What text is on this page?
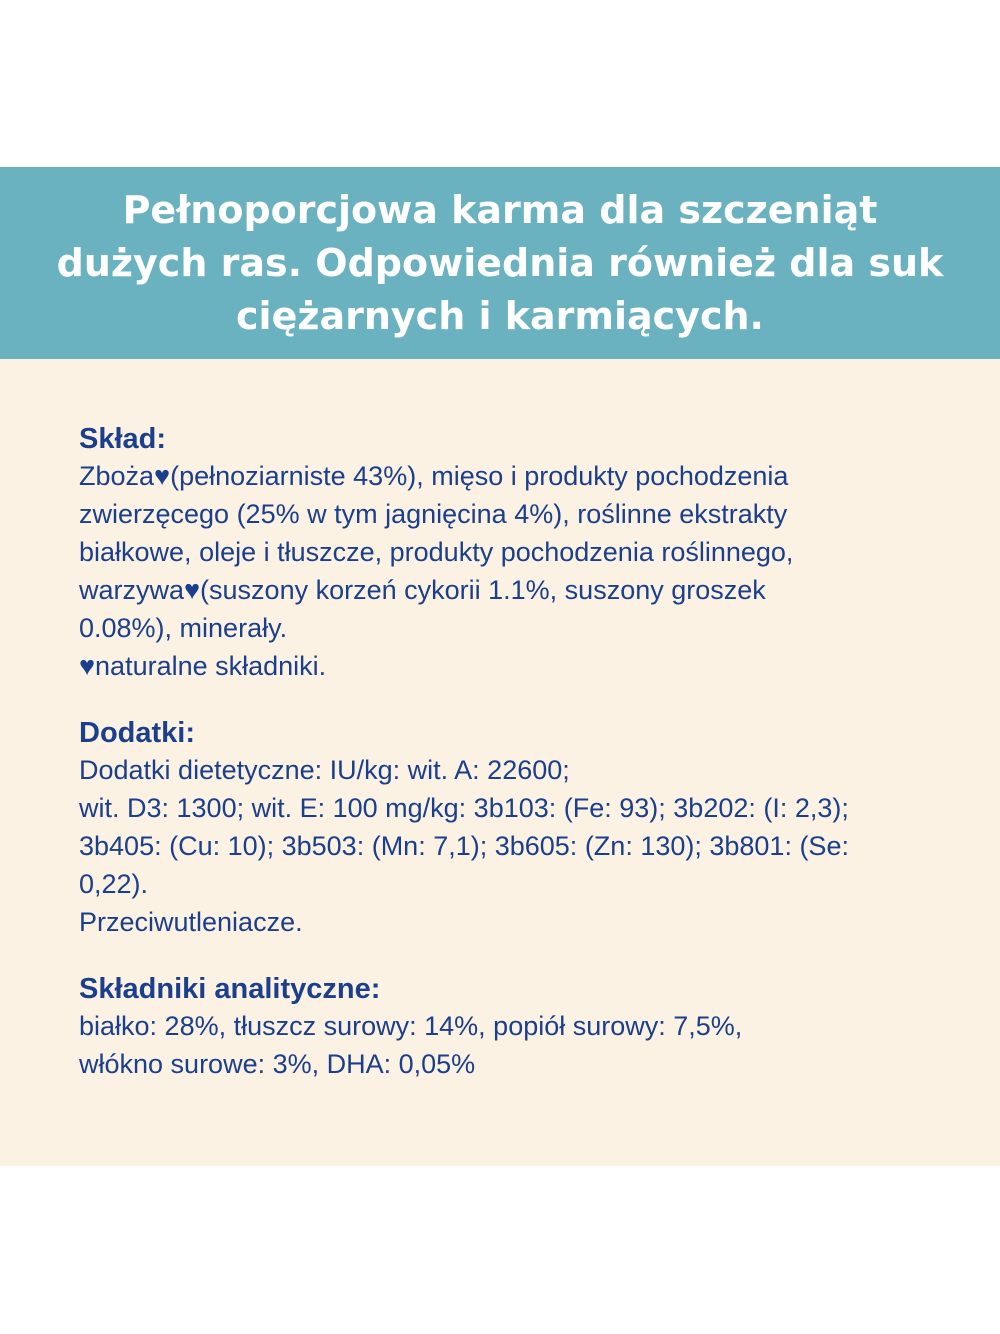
Pełnoporcjowa karma dla szczeniąt dużych ras. Odpowiednia również dla suk ciężarnych i karmiących.
Skład:

Zboża♥(pełnoziarniste 43%), mięso i produkty pochodzenia

zwierzęcego (25% w tym jagnięcina 4%), roślinne ekstrakty

białkowe, oleje i tłuszcze, produkty pochodzenia roślinnego,

warzywa♥(suszony korzeń cykorii 1.1%, suszony groszek

0.08%), minerały.

♥naturalne składniki.

Dodatki:

Dodatki dietetyczne: IU/kg: wit. A: 22600;

wit. D3: 1300; wit. E: 100 mg/kg: 3b103: (Fe: 93); 3b202: (I: 2,3);

3b405: (Cu: 10); 3b503: (Mn: 7,1); 3b605: (Zn: 130); 3b801: (Se:

0,22).

Przeciwutleniacze.

Składniki analityczne:

białko: 28%, tłuszcz surowy: 14%, popiół surowy: 7,5%,

włókno surowe: 3%, DHA: 0,05%
